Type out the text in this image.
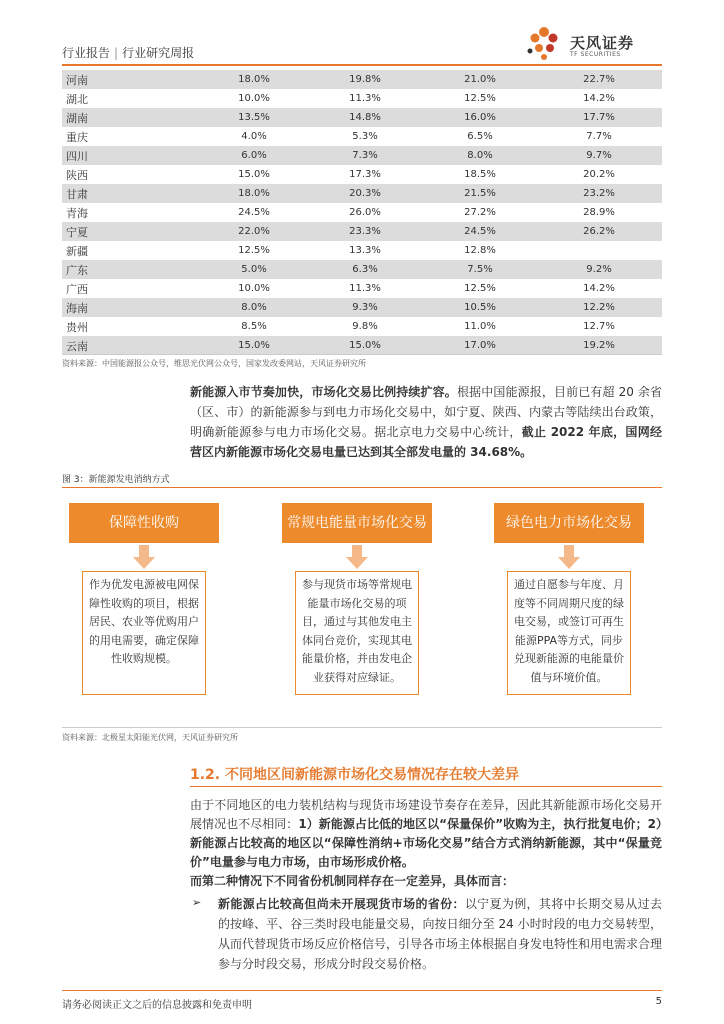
行业报告 | 行业研究周报
天风证券
TF SECURITIES
河南	18.0%	19.8%	21.0%	22.7%
湖北	10.0%	11.3%	12.5%	14.2%
湖南	13.5%	14.8%	16.0%	17.7%
重庆	4.0%	5.3%	6.5%	7.7%
四川	6.0%	7.3%	8.0%	9.7%
陕西	15.0%	17.3%	18.5%	20.2%
甘肃	18.0%	20.3%	21.5%	23.2%
青海	24.5%	26.0%	27.2%	28.9%
宁夏	22.0%	23.3%	24.5%	26.2%
新疆	12.5%	13.3%	12.8%	
广东	5.0%	6.3%	7.5%	9.2%
广西	10.0%	11.3%	12.5%	14.2%
海南	8.0%	9.3%	10.5%	12.2%
贵州	8.5%	9.8%	11.0%	12.7%
云南	15.0%	15.0%	17.0%	19.2%
资料来源：中国能源报公众号，维思光伏网公众号，国家发改委网站，天风证券研究所
新能源入市节奏加快，市场化交易比例持续扩容。根据中国能源报，目前已有超 20 余省（区、市）的新能源参与到电力市场化交易中，如宁夏、陕西、内蒙古等陆续出台政策，明确新能源参与电力市场化交易。据北京电力交易中心统计，截止 2022 年底，国网经营区内新能源市场化交易电量已达到其全部发电量的 34.68%。
图 3：新能源发电消纳方式
保障性收购	常规电能量市场化交易	绿色电力市场化交易
作为优发电源被电网保障性收购的项目，根据居民、农业等优购用户的用电需要，确定保障性收购规模。
参与现货市场等常规电能量市场化交易的项目，通过与其他发电主体同台竞价，实现其电能量价格，并由发电企业获得对应绿证。
通过自愿参与年度、月度等不同周期尺度的绿电交易，或签订可再生能源PPA等方式，同步兑现新能源的电能量价值与环境价值。
资料来源：北极星太阳能光伏网，天风证券研究所
1.2. 不同地区间新能源市场化交易情况存在较大差异
由于不同地区的电力装机结构与现货市场建设节奏存在差异，因此其新能源市场化交易开展情况也不尽相同：1）新能源占比低的地区以“保量保价”收购为主，执行批复电价；2）新能源占比较高的地区以“保障性消纳+市场化交易”结合方式消纳新能源，其中“保量竞价”电量参与电力市场，由市场形成价格。
而第二种情况下不同省份机制同样存在一定差异，具体而言：
➢ 新能源占比较高但尚未开展现货市场的省份：以宁夏为例，其将中长期交易从过去的按峰、平、谷三类时段电能量交易，向按日细分至 24 小时时段的电力交易转型，从而代替现货市场反应价格信号，引导各市场主体根据自身发电特性和用电需求合理参与分时段交易，形成分时段交易价格。
请务必阅读正文之后的信息披露和免责申明	5
